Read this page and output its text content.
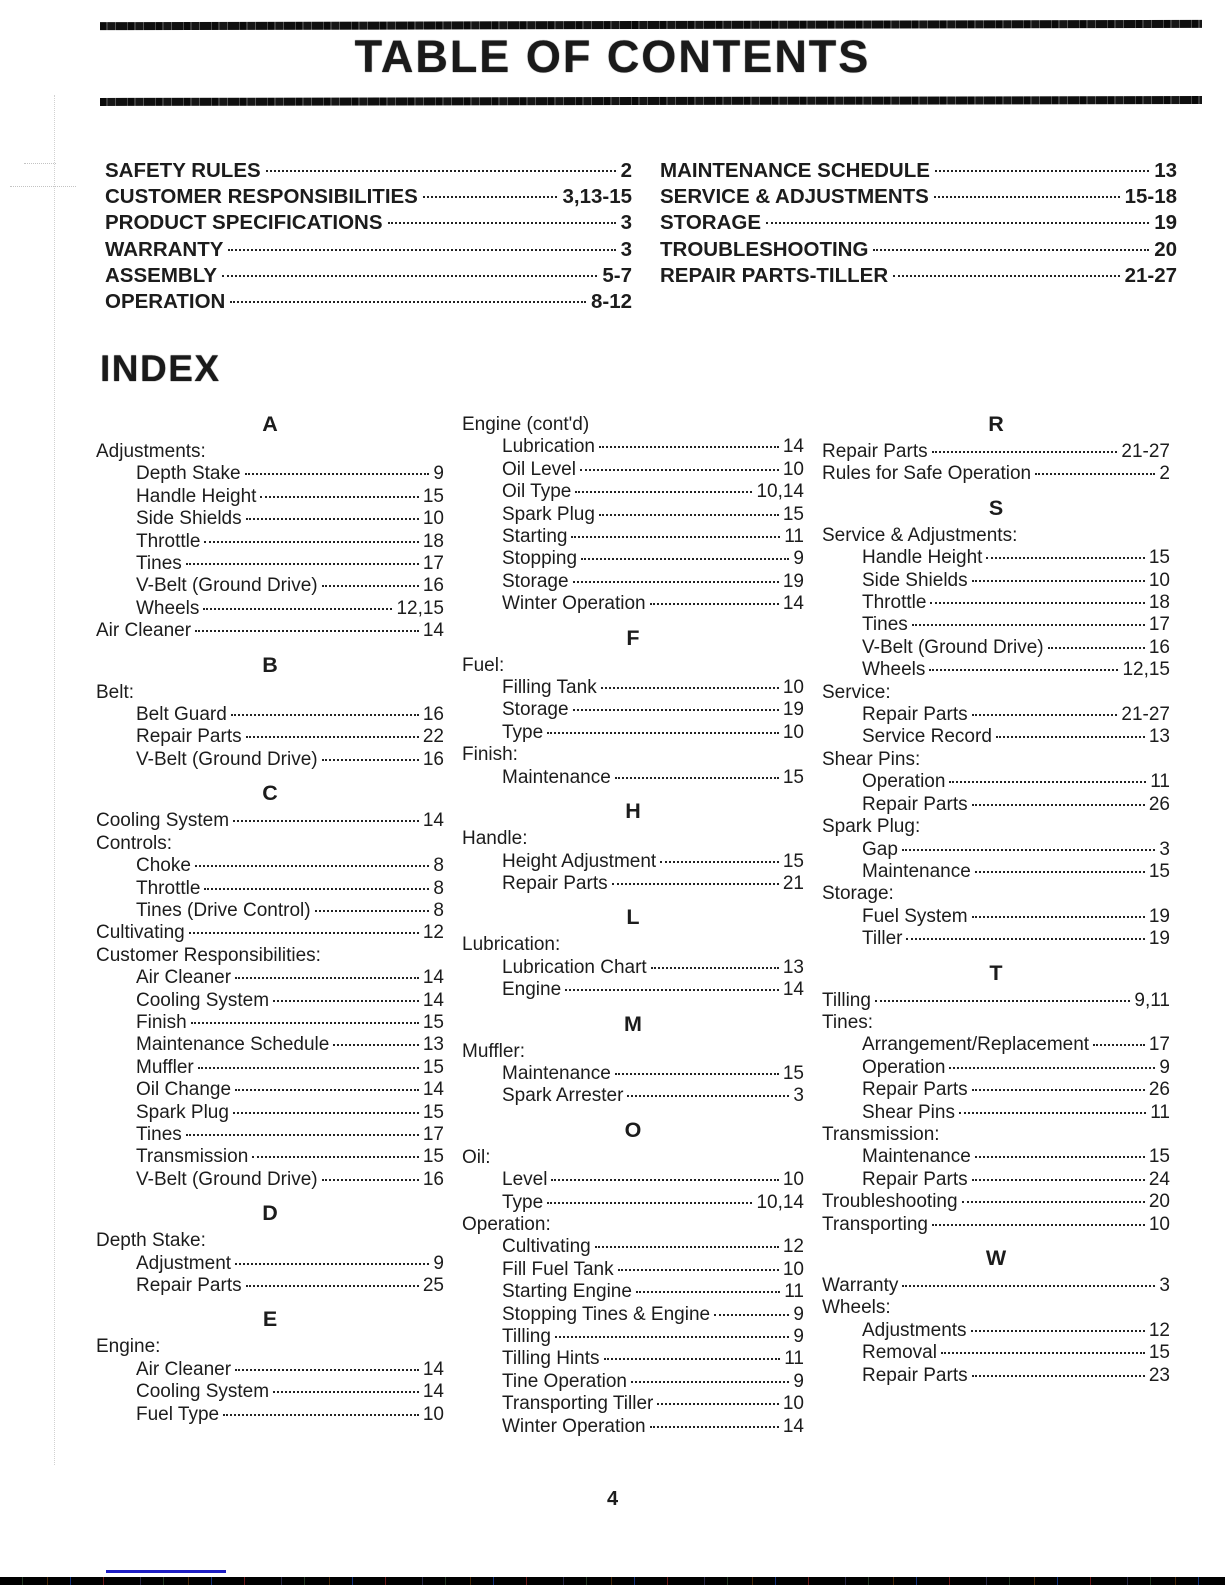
TABLE OF CONTENTS
SAFETY RULES	2
CUSTOMER RESPONSIBILITIES	3,13-15
PRODUCT SPECIFICATIONS	3
WARRANTY	3
ASSEMBLY	5-7
OPERATION	8-12
MAINTENANCE SCHEDULE	13
SERVICE & ADJUSTMENTS	15-18
STORAGE	19
TROUBLESHOOTING	20
REPAIR PARTS-TILLER	21-27
INDEX
A
Adjustments:
Depth Stake	9
Handle Height	15
Side Shields	10
Throttle	18
Tines	17
V-Belt (Ground Drive)	16
Wheels	12,15
Air Cleaner	14
B
Belt:
Belt Guard	16
Repair Parts	22
V-Belt (Ground Drive)	16
C
Cooling System	14
Controls:
Choke	8
Throttle	8
Tines (Drive Control)	8
Cultivating	12
Customer Responsibilities:
Air Cleaner	14
Cooling System	14
Finish	15
Maintenance Schedule	13
Muffler	15
Oil Change	14
Spark Plug	15
Tines	17
Transmission	15
V-Belt (Ground Drive)	16
D
Depth Stake:
Adjustment	9
Repair Parts	25
E
Engine:
Air Cleaner	14
Cooling System	14
Fuel Type	10
Engine (cont'd)
Lubrication	14
Oil Level	10
Oil Type	10,14
Spark Plug	15
Starting	11
Stopping	9
Storage	19
Winter Operation	14
F
Fuel:
Filling Tank	10
Storage	19
Type	10
Finish:
Maintenance	15
H
Handle:
Height Adjustment	15
Repair Parts	21
L
Lubrication:
Lubrication Chart	13
Engine	14
M
Muffler:
Maintenance	15
Spark Arrester	3
O
Oil:
Level	10
Type	10,14
Operation:
Cultivating	12
Fill Fuel Tank	10
Starting Engine	11
Stopping Tines & Engine	9
Tilling	9
Tilling Hints	11
Tine Operation	9
Transporting Tiller	10
Winter Operation	14
R
Repair Parts	21-27
Rules for Safe Operation	2
S
Service & Adjustments:
Handle Height	15
Side Shields	10
Throttle	18
Tines	17
V-Belt (Ground Drive)	16
Wheels	12,15
Service:
Repair Parts	21-27
Service Record	13
Shear Pins:
Operation	11
Repair Parts	26
Spark Plug:
Gap	3
Maintenance	15
Storage:
Fuel System	19
Tiller	19
T
Tilling	9,11
Tines:
Arrangement/Replacement	17
Operation	9
Repair Parts	26
Shear Pins	11
Transmission:
Maintenance	15
Repair Parts	24
Troubleshooting	20
Transporting	10
W
Warranty	3
Wheels:
Adjustments	12
Removal	15
Repair Parts	23
4
